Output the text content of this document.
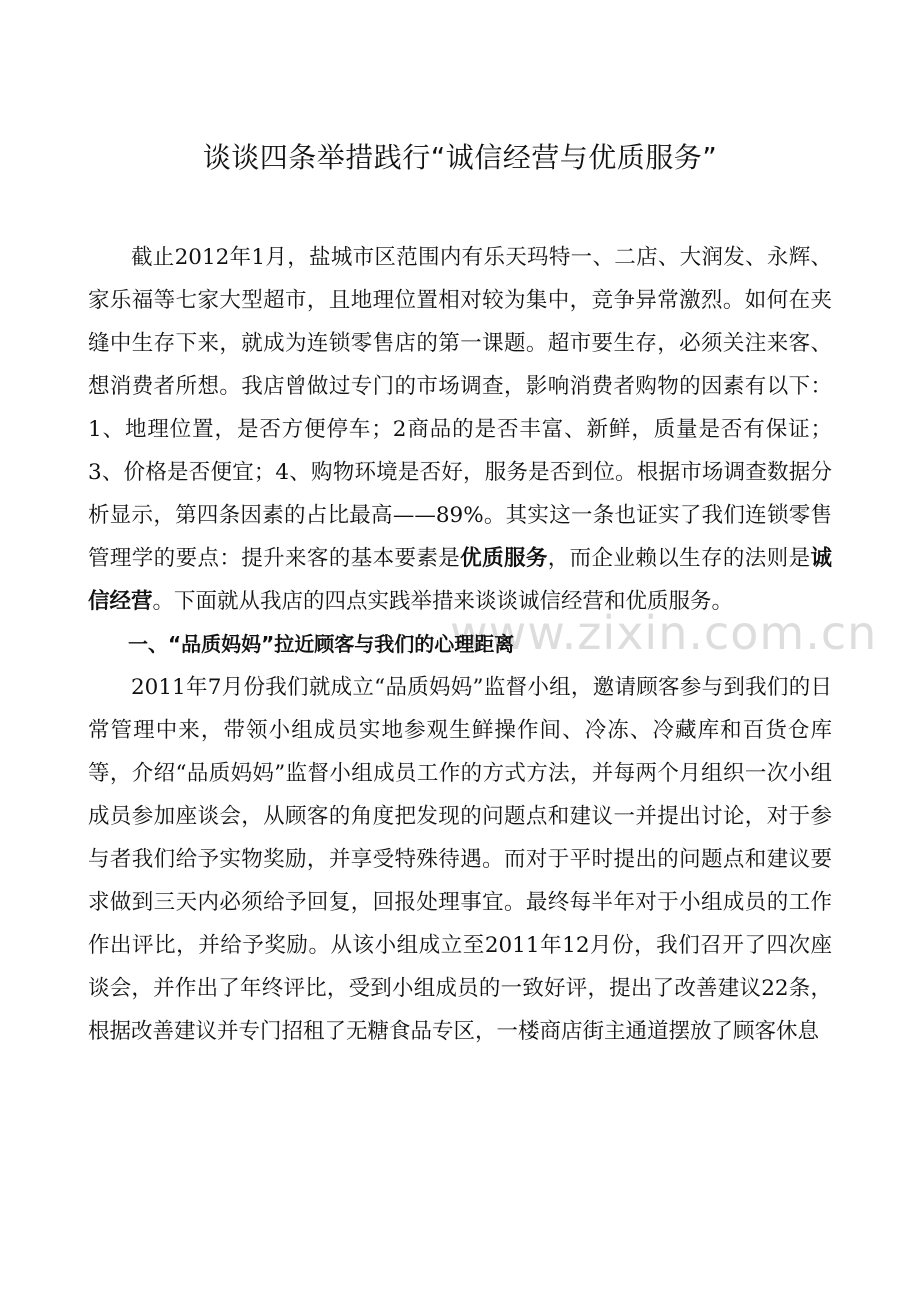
谈谈四条举措践行“诚信经营与优质服务”

截止2012年1月，盐城市区范围内有乐天玛特一、二店、大润发、永辉、家乐福等七家大型超市，且地理位置相对较为集中，竞争异常激烈。如何在夹缝中生存下来，就成为连锁零售店的第一课题。超市要生存，必须关注来客、想消费者所想。我店曾做过专门的市场调查，影响消费者购物的因素有以下：1、地理位置，是否方便停车；2商品的是否丰富、新鲜，质量是否有保证；3、价格是否便宜；4、购物环境是否好，服务是否到位。根据市场调查数据分析显示，第四条因素的占比最高——89%。其实这一条也证实了我们连锁零售管理学的要点：提升来客的基本要素是优质服务，而企业赖以生存的法则是诚信经营。下面就从我店的四点实践举措来谈谈诚信经营和优质服务。

一、“品质妈妈”拉近顾客与我们的心理距离

2011年7月份我们就成立“品质妈妈”监督小组，邀请顾客参与到我们的日常管理中来，带领小组成员实地参观生鲜操作间、冷冻、冷藏库和百货仓库等，介绍“品质妈妈”监督小组成员工作的方式方法，并每两个月组织一次小组成员参加座谈会，从顾客的角度把发现的问题点和建议一并提出讨论，对于参与者我们给予实物奖励，并享受特殊待遇。而对于平时提出的问题点和建议要求做到三天内必须给予回复，回报处理事宜。最终每半年对于小组成员的工作作出评比，并给予奖励。从该小组成立至2011年12月份，我们召开了四次座谈会，并作出了年终评比，受到小组成员的一致好评，提出了改善建议22条，根据改善建议并专门招租了无糖食品专区，一楼商店街主通道摆放了顾客休息

www.zixin.com.cn
